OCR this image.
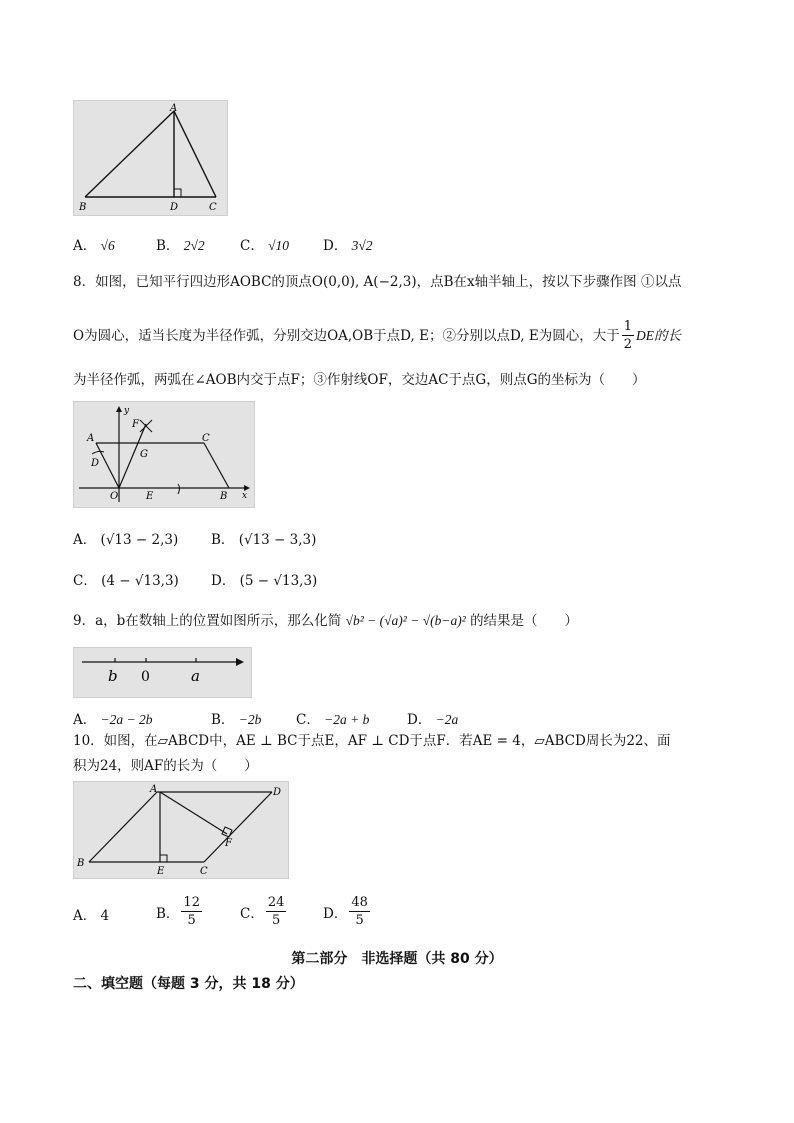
A
B	D	C
A． √6	B． 2√2	C． √10	D． 3√2
8．如图，已知平行四边形AOBC的顶点O(0,0), A(−2,3)，点B在x轴半轴上，按以下步骤作图 ①以点
O为圆心，适当长度为半径作弧，分别交边OA,OB于点D, E；②分别以点D, E为圆心，大于 $\frac{1}{2}$ DE的长
为半径作弧，两弧在∠AOB内交于点F；③作射线OF，交边AC于点G，则点G的坐标为（　　）
y
F
A	C
D
G
O	E	B x
A． (√13 − 2,3) B． (√13 − 3,3)
C． (4 − √13,3) D． (5 − √13,3)
9．a，b在数轴上的位置如图所示，那么化简 √b² − (√a)² − √(b−a)² 的结果是（　　）
b 0	a
A． −2a − 2b	B． −2b	C． −2a + b	D． −2a
10．如图，在▱ABCD中，AE ⊥ BC于点E，AF ⊥ CD于点F．若AE = 4，▱ABCD周长为22、面
积为24，则AF的长为（　　）
A
B
E	C
F
D
A． 4	B． $\frac{12}{5}$	C． $\frac{24}{5}$	D． $\frac{48}{5}$
第二部分　非选择题（共 80 分）
二、填空题（每题 3 分，共 18 分）
